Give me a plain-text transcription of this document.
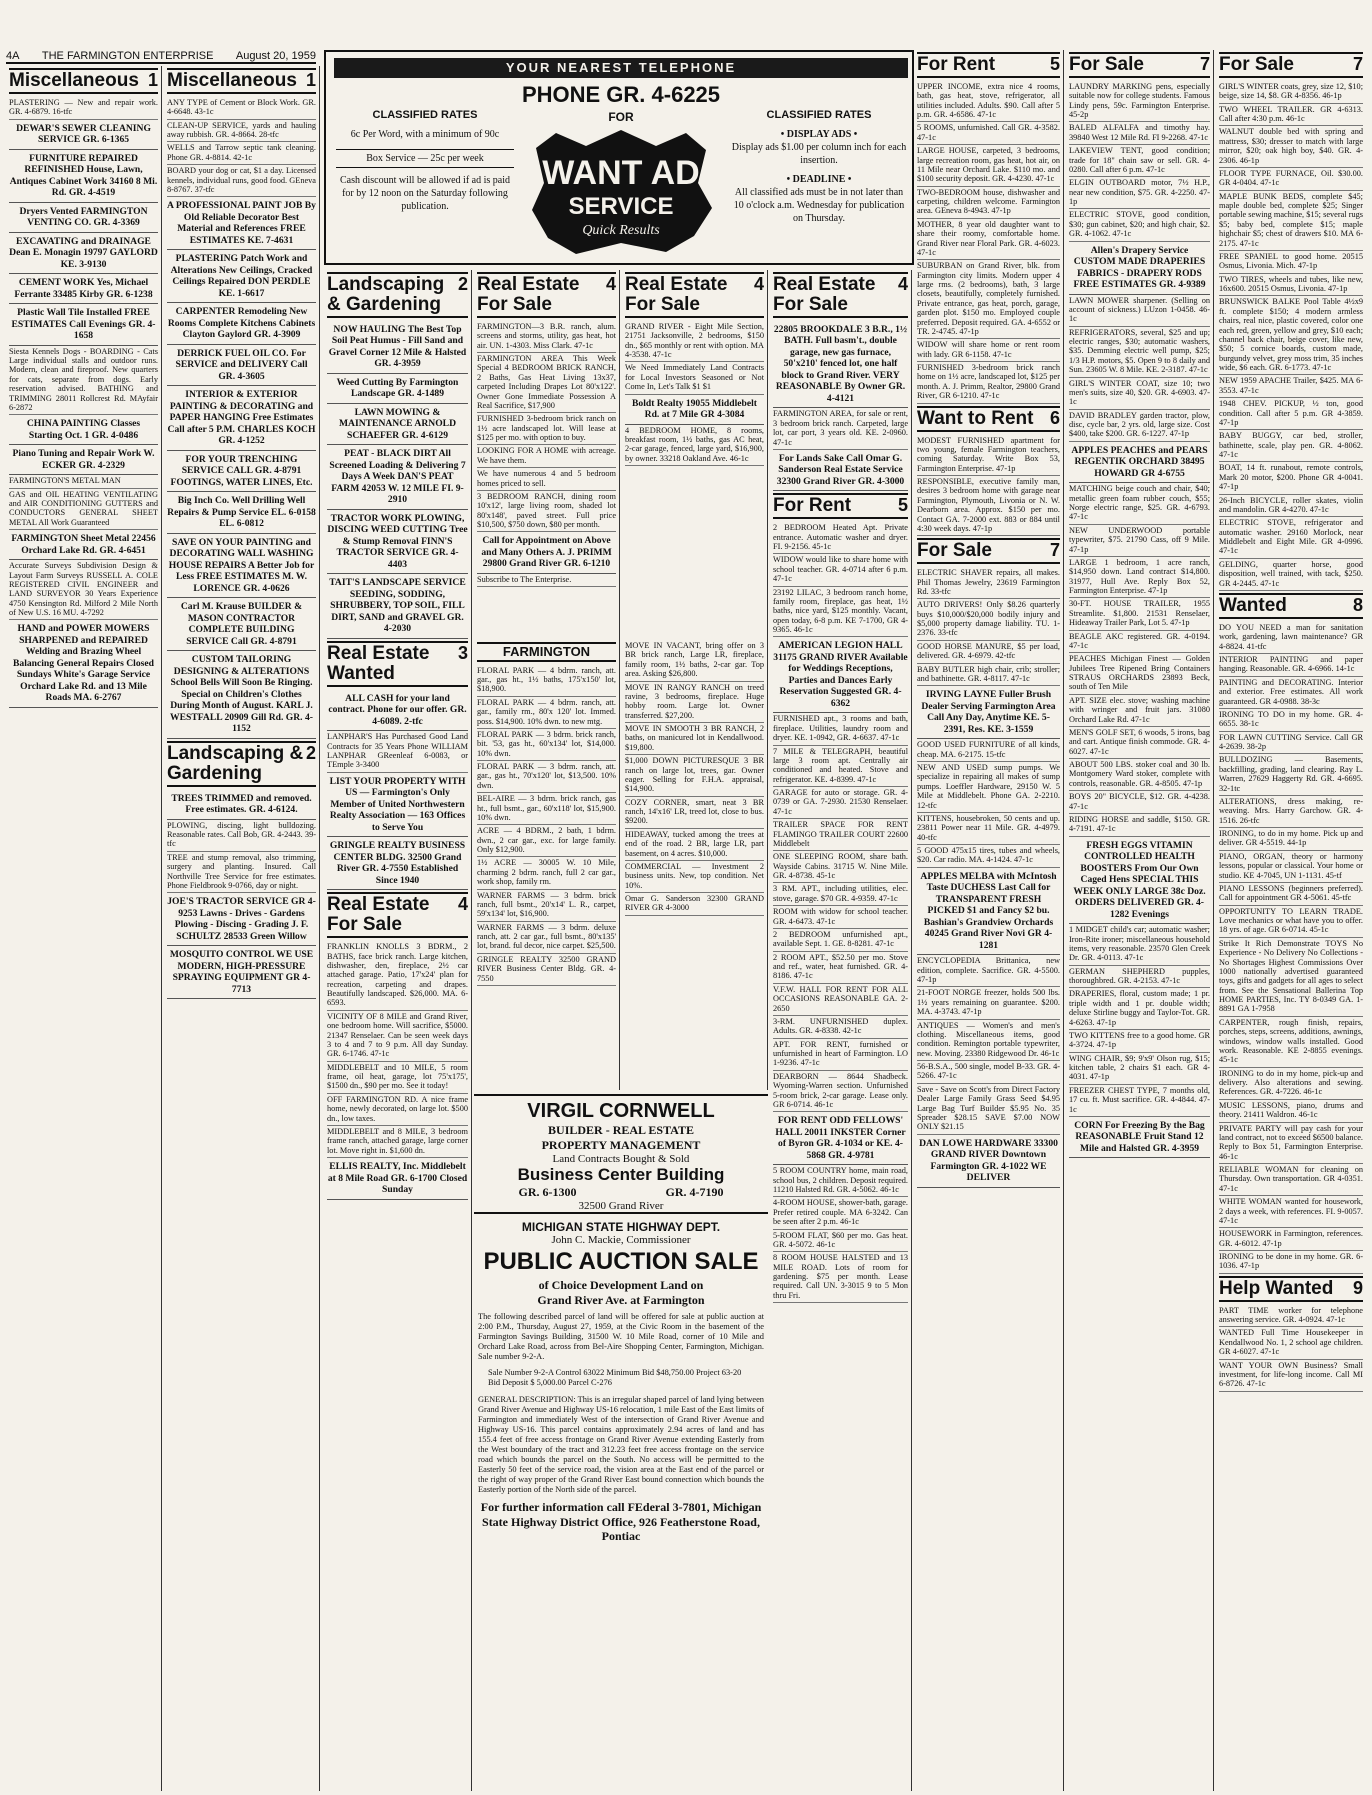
4A THE FARMINGTON ENTERPRISE August 20, 1959
Miscellaneous 1
PLASTERING — New and repair work. GR. 4-6879. 16-tfc
DEWAR'S SEWER CLEANING SERVICE GR. 6-1365
FURNITURE REPAIRED REFINISHED House, Lawn, Antiques Cabinet Work 34160 8 Mi. Rd. GR. 4-4519
Dryers Vented FARMINGTON VENTING CO. GR. 4-3369
EXCAVATING and DRAINAGE Dean E. Monagin 19797 GAYLORD KE. 3-9130
CEMENT WORK Yes, Michael Ferrante 33485 Kirby GR. 6-1238
Plastic Wall Tile Installed FREE ESTIMATES Call Evenings GR. 4-1658
Siesta Kennels Dogs - BOARDING - Cats Large individual stalls and outdoor runs. Modern, clean and fireproof. New quarters for cats, separate from dogs. Early reservation advised. BATHING and TRIMMING 28011 Rollcrest Rd. MAyfair 6-2872
CHINA PAINTING Classes Starting Oct. 1 GR. 4-0486
Piano Tuning and Repair Work W. ECKER GR. 4-2329
FARMINGTON'S METAL MAN
GAS and OIL HEATING VENTILATING and AIR CONDITIONING GUTTERS and CONDUCTORS GENERAL SHEET METAL All Work Guaranteed
FARMINGTON Sheet Metal 22456 Orchard Lake Rd. GR. 4-6451
Accurate Surveys Subdivision Design & Layout Farm Surveys RUSSELL A. COLE REGISTERED CIVIL ENGINEER and LAND SURVEYOR 30 Years Experience 4750 Kensington Rd. Milford 2 Mile North of New U.S. 16 MU. 4-7292
HAND and POWER MOWERS SHARPENED and REPAIRED Welding and Brazing Wheel Balancing General Repairs Closed Sundays White's Garage Service Orchard Lake Rd. and 13 Mile Roads MA. 6-2767
Miscellaneous 1
ANY TYPE of Cement or Block Work. GR. 4-6648. 43-1c
CLEAN-UP SERVICE, yards and hauling away rubbish. GR. 4-8664. 28-tfc
WELLS and Tarrow septic tank cleaning. Phone GR. 4-8814. 42-1c
BOARD your dog or cat, $1 a day. Licensed kennels, individual runs, good food. GEneva 8-8767. 37-tfc
A PROFESSIONAL PAINT JOB By Old Reliable Decorator Best Material and References FREE ESTIMATES KE. 7-4631
PLASTERING Patch Work and Alterations New Ceilings, Cracked Ceilings Repaired DON PERDLE KE. 1-6617
CARPENTER Remodeling New Rooms Complete Kitchens Cabinets Clayton Gaylord GR. 4-3909
DERRICK FUEL OIL CO. For SERVICE and DELIVERY Call GR. 4-3605
INTERIOR & EXTERIOR PAINTING & DECORATING and PAPER HANGING Free Estimates Call after 5 P.M. CHARLES KOCH GR. 4-1252
FOR YOUR TRENCHING SERVICE CALL GR. 4-8791 FOOTINGS, WATER LINES, Etc.
Big Inch Co. Well Drilling Well Repairs & Pump Service EL. 6-0158 EL. 6-0812
SAVE ON YOUR PAINTING and DECORATING WALL WASHING HOUSE REPAIRS A Better Job for Less FREE ESTIMATES M. W. LORENCE GR. 4-0626
Carl M. Krause BUILDER & MASON CONTRACTOR COMPLETE BUILDING SERVICE Call GR. 4-8791
CUSTOM TAILORING DESIGNING & ALTERATIONS School Bells Will Soon Be Ringing. Special on Children's Clothes During Month of August. KARL J. WESTFALL 20909 Gill Rd. GR. 4-1152
Landscaping & Gardening
2
TREES TRIMMED and removed. Free estimates. GR. 4-6124.
PLOWING, discing, light bulldozing. Reasonable rates. Call Bob, GR. 4-2443. 39-tfc
TREE and stump removal, also trimming, surgery and planting. Insured. Call Northville Tree Service for free estimates. Phone Fieldbrook 9-0766, day or night.
JOE'S TRACTOR SERVICE GR 4-9253 Lawns - Drives - Gardens Plowing - Discing - Grading J. F. SCHULTZ 28533 Green Willow
MOSQUITO CONTROL WE USE MODERN, HIGH-PRESSURE SPRAYING EQUIPMENT GR 4-7713
YOUR NEAREST TELEPHONE
PHONE GR. 4-6225
FOR
CLASSIFIED RATES
6c Per Word, with a minimum of 90c
Box Service — 25c per week
Cash discount will be allowed if ad is paid for by 12 noon on the Saturday following publication.
WANT AD
SERVICE
Quick Results
CLASSIFIED RATES
• DISPLAY ADS •
Display ads $1.00 per column inch for each insertion.
• DEADLINE •
All classified ads must be in not later than 10 o'clock a.m. Wednesday for publication on Thursday.
Landscaping & Gardening
2
NOW HAULING The Best Top Soil Peat Humus - Fill Sand and Gravel Corner 12 Mile & Halsted GR. 4-3959
Weed Cutting By Farmington Landscape GR. 4-1489
LAWN MOWING & MAINTENANCE ARNOLD SCHAEFER GR. 4-6129
PEAT - BLACK DIRT All Screened Loading & Delivering 7 Days A Week DAN'S PEAT FARM 42053 W. 12 MILE FI. 9-2910
TRACTOR WORK PLOWING, DISCING WEED CUTTING Tree & Stump Removal FINN'S TRACTOR SERVICE GR. 4-4403
TAIT'S LANDSCAPE SERVICE SEEDING, SODDING, SHRUBBERY, TOP SOIL, FILL DIRT, SAND and GRAVEL GR. 4-2030
Real Estate Wanted
3
ALL CASH for your land contract. Phone for our offer. GR. 4-6089. 2-tfc
LANPHAR'S Has Purchased Good Land Contracts for 35 Years Phone WILLIAM LANPHAR GReenleaf 6-0083, or TEmple 3-3400
LIST YOUR PROPERTY WITH US — Farmington's Only Member of United Northwestern Realty Association — 163 Offices to Serve You
GRINGLE REALTY BUSINESS CENTER BLDG. 32500 Grand River GR. 4-7550 Established Since 1940
Real Estate For Sale
4
FRANKLIN KNOLLS 3 BDRM., 2 BATHS, face brick ranch. Large kitchen, dishwasher, den, fireplace, 2½ car attached garage. Patio, 17'x24' plan for recreation, carpeting and drapes. Beautifully landscaped. $26,000. MA. 6-6593.
VICINITY OF 8 MILE and Grand River, one bedroom home. Will sacrifice, $5000. 21347 Renselaer. Can be seen week days 3 to 4 and 7 to 9 p.m. All day Sunday. GR. 6-1746. 47-1c
MIDDLEBELT and 10 MILE, 5 room frame, oil heat, garage, lot 75'x175', $1500 dn., $90 per mo. See it today!
OFF FARMINGTON RD. A nice frame home, newly decorated, on large lot. $500 dn., low taxes.
MIDDLEBELT and 8 MILE, 3 bedroom frame ranch, attached garage, large corner lot. Move right in. $1,600 dn.
ELLIS REALTY, Inc. Middlebelt at 8 Mile Road GR. 6-1700 Closed Sunday
Real Estate For Sale
4
FARMINGTON—3 B.R. ranch, alum. screens and storms, utility, gas heat, hot air. UN. 1-4303. Miss Clark. 47-1c
FARMINGTON AREA This Week Special 4 BEDROOM BRICK RANCH, 2 Baths, Gas Heat Living 13x37, carpeted Including Drapes Lot 80'x122'. Owner Gone Immediate Possession A Real Sacrifice, $17,900
FURNISHED 3-bedroom brick ranch on 1½ acre landscaped lot. Will lease at $125 per mo. with option to buy.
LOOKING FOR A HOME with acreage. We have them.
We have numerous 4 and 5 bedroom homes priced to sell.
3 BEDROOM RANCH, dining room 10'x12', large living room, shaded lot 80'x148', paved street. Full price $10,500, $750 down, $80 per month.
Call for Appointment on Above and Many Others A. J. PRIMM 29800 Grand River GR. 6-1210
Subscribe to The Enterprise.
Real Estate For Sale
4
GRAND RIVER - Eight Mile Section, 21751 Jacksonville, 2 bedrooms, $150 dn., $65 monthly or rent with option. MA 4-3538. 47-1c
We Need Immediately Land Contracts for Local Investors Seasoned or Not Come In, Let's Talk $1 $1
Boldt Realty 19055 Middlebelt Rd. at 7 Mile GR 4-3084
4 BEDROOM HOME, 8 rooms, breakfast room, 1½ baths, gas AC heat, 2-car garage, fenced, large yard, $16,900, by owner. 33218 Oakland Ave. 46-1c
FARMINGTON
FLORAL PARK — 4 bdrm. ranch, att. gar., gas ht., 1½ baths, 175'x150' lot, $18,900.
FLORAL PARK — 4 bdrm. ranch, att. gar., family rm., 80'x 120' lot. Immed. poss. $14,900. 10% dwn. to new mtg.
FLORAL PARK — 3 bdrm. brick ranch, bit. '53, gas ht., 60'x134' lot, $14,000. 10% dwn.
FLORAL PARK — 3 bdrm. ranch, att. gar., gas ht., 70'x120' lot, $13,500. 10% dwn.
BEL-AIRE — 3 bdrm. brick ranch, gas ht., full bsmt., gar., 60'x118' lot, $15,900. 10% dwn.
ACRE — 4 BDRM., 2 bath, 1 bdrm. dwn., 2 car gar., exc. for large family. Only $12,900.
1½ ACRE — 30005 W. 10 Mile, charming 2 bdrm. ranch, full 2 car gar., work shop, family rm.
WARNER FARMS — 3 bdrm. brick ranch, full bsmt., 20'x14' L. R., carpet, 59'x134' lot, $16,900.
WARNER FARMS — 3 bdrm. deluxe ranch, att. 2 car gar., full bsmt., 80'x135' lot, brand. ful decor, nice carpet. $25,500.
GRINGLE REALTY 32500 GRAND RIVER Business Center Bldg. GR. 4-7550
MOVE IN VACANT, bring offer on 3 BR brick ranch, Large LR, fireplace, family room, 1½ baths, 2-car gar. Top area. Asking $26,800.
MOVE IN RANGY RANCH on treed ravine, 3 bedrooms, fireplace. Huge hobby room. Large lot. Owner transferred. $27,200.
MOVE IN SMOOTH 3 BR RANCH, 2 baths, on manicured lot in Kendallwood. $19,800.
$1,000 DOWN PICTURESQUE 3 BR ranch on large lot, trees, gar. Owner eager. Selling for F.H.A. appraisal, $14,900.
COZY CORNER, smart, neat 3 BR ranch, 14'x16' LR, treed lot, close to bus. $9200.
HIDEAWAY, tucked among the trees at end of the road. 2 BR, large LR, part basement, on 4 acres. $10,000.
COMMERCIAL — Investment 2 business units. New, top condition. Net 10%.
Omar G. Sanderson 32300 GRAND RIVER GR 4-3000
VIRGIL CORNWELL
BUILDER - REAL ESTATE
PROPERTY MANAGEMENT
Land Contracts Bought & Sold
Business Center Building
GR. 6-1300	GR. 4-7190
32500 Grand River
MICHIGAN STATE HIGHWAY DEPT.
John C. Mackie, Commissioner
PUBLIC AUCTION SALE
of Choice Development Land on
Grand River Ave. at Farmington
The following described parcel of land will be offered for sale at public auction at 2:00 P.M., Thursday, August 27, 1959, at the Civic Room in the basement of the Farmington Savings Building, 31500 W. 10 Mile Road, corner of 10 Mile and Orchard Lake Road, across from Bel-Aire Shopping Center, Farmington, Michigan. Sale number 9-2-A.
Sale Number 9-2-A Control 63022 Minimum Bid $48,750.00 Project 63-20 Bid Deposit $ 5,000.00 Parcel C-276
GENERAL DESCRIPTION: This is an irregular shaped parcel of land lying between Grand River Avenue and Highway US-16 relocation, 1 mile East of the East limits of Farmington and immediately West of the intersection of Grand River Avenue and Highway US-16. This parcel contains approximately 2.94 acres of land and has 155.4 feet of free access frontage on Grand River Avenue extending Easterly from the West boundary of the tract and 312.23 feet free access frontage on the service road which bounds the parcel on the South. No access will be permitted to the Easterly 50 feet of the service road, the vision area at the East end of the parcel or the right of way proper of the Grand River East bound connection which bounds the Easterly portion of the North side of the parcel.
For further information call FEderal 3-7801, Michigan State Highway District Office, 926 Featherstone Road, Pontiac
Real Estate For Sale
4
22805 BROOKDALE 3 B.R., 1½ BATH. Full basm't., double garage, new gas furnace, 50'x210' fenced lot, one half block to Grand River. VERY REASONABLE By Owner GR. 4-4121
FARMINGTON AREA, for sale or rent, 3 bedroom brick ranch. Carpeted, large lot, car port, 3 years old. KE. 2-0960. 47-1c
For Lands Sake Call Omar G. Sanderson Real Estate Service 32300 Grand River GR. 4-3000
For Rent	5
2 BEDROOM Heated Apt. Private entrance. Automatic washer and dryer. FI. 9-2156. 45-1c
WIDOW would like to share home with school teacher. GR. 4-0714 after 6 p.m. 47-1c
23192 LILAC, 3 bedroom ranch home, family room, fireplace, gas heat, 1½ baths, nice yard, $125 monthly. Vacant, open today, 6-8 p.m. KE 7-1700, GR 4-9365. 46-1c
AMERICAN LEGION HALL 31175 GRAND RIVER Available for Weddings Receptions, Parties and Dances Early Reservation Suggested GR. 4-6362
FURNISHED apt., 3 rooms and bath, fireplace. Utilities, laundry room and dryer. KE. 1-0942, GR. 4-6637. 47-1c
7 MILE & TELEGRAPH, beautiful large 3 room apt. Centrally air conditioned and heated. Stove and refrigerator. KE. 4-8399. 47-1c
GARAGE for auto or storage. GR. 4-0739 or GA. 7-2930. 21530 Renselaer. 47-1c
TRAILER SPACE FOR RENT FLAMINGO TRAILER COURT 22600 Middlebelt
ONE SLEEPING ROOM, share bath. Wayside Cabins. 31715 W. Nine Mile. GR. 4-8738. 45-1c
3 RM. APT., including utilities, elec. stove, garage. $70 GR. 4-9359. 47-1c
ROOM with widow for school teacher. GR. 4-6473. 47-1c
2 BEDROOM unfurnished apt., available Sept. 1. GE. 8-8281. 47-1c
2 ROOM APT., $52.50 per mo. Stove and ref., water, heat furnished. GR. 4-8186. 47-1c
V.F.W. HALL FOR RENT FOR ALL OCCASIONS REASONABLE GA. 2-2650
3-RM. UNFURNISHED duplex. Adults. GR. 4-8338. 42-1c
APT. FOR RENT, furnished or unfurnished in heart of Farmington. LO 1-9236. 47-1c
DEARBORN — 8644 Shadbeck. Wyoming-Warren section. Unfurnished 5-room brick, 2-car garage. Lease only. GR 6-0714. 46-1c
FOR RENT ODD FELLOWS' HALL 20011 INKSTER Corner of Byron GR. 4-1034 or KE. 4-5868 GR. 4-9781
5 ROOM COUNTRY home, main road, school bus, 2 children. Deposit required. 11210 Halsted Rd. GR. 4-5062. 46-1c
4-ROOM HOUSE, shower-bath, garage. Prefer retired couple. MA 6-3242. Can be seen after 2 p.m. 46-1c
5-ROOM FLAT, $60 per mo. Gas heat. GR. 4-5072. 46-1c
8 ROOM HOUSE HALSTED and 13 MILE ROAD. Lots of room for gardening. $75 per month. Lease required. Call UN. 3-3015 9 to 5 Mon thru Fri.
For Rent	5
UPPER INCOME, extra nice 4 rooms, bath, gas heat, stove, refrigerator, all utilities included. Adults. $90. Call after 5 p.m. GR. 4-6586. 47-1c
5 ROOMS, unfurnished. Call GR. 4-3582. 47-1c
LARGE HOUSE, carpeted, 3 bedrooms, large recreation room, gas heat, hot air, on 11 Mile near Orchard Lake. $110 mo. and $100 security deposit. GR. 4-4230. 47-1c
TWO-BEDROOM house, dishwasher and carpeting, children welcome. Farmington area. GEneva 8-4943. 47-1p
MOTHER, 8 year old daughter want to share their roomy, comfortable home. Grand River near Floral Park. GR. 4-6023. 47-1c
SUBURBAN on Grand River, blk. from Farmington city limits. Modern upper 4 large rms. (2 bedrooms), bath, 3 large closets, beautifully, completely furnished. Private entrance, gas heat, porch, garage, garden plot. $150 mo. Employed couple preferred. Deposit required. GA. 4-6552 or TR. 2-4745. 47-1p
WIDOW will share home or rent room with lady. GR 6-1158. 47-1c
FURNISHED 3-bedroom brick ranch home on 1½ acre, landscaped lot, $125 per month. A. J. Primm, Realtor, 29800 Grand River, GR 6-1210. 47-1c
Want to Rent 6
MODEST FURNISHED apartment for two young, female Farmington teachers, coming Saturday. Write Box 53, Farmington Enterprise. 47-1p
RESPONSIBLE, executive family man, desires 3 bedroom home with garage near Farmington, Plymouth, Livonia or N. W. Dearborn area. Approx. $150 per mo. Contact GA. 7-2000 ext. 883 or 884 until 4:30 week days. 47-1p
For Sale	7
ELECTRIC SHAVER repairs, all makes. Phil Thomas Jewelry, 23619 Farmington Rd. 33-tfc
AUTO DRIVERS! Only $8.26 quarterly buys $10,000/$20,000 bodily injury and $5,000 property damage liability. TU. 1-2376. 33-tfc
GOOD HORSE MANURE, $5 per load, delivered. GR. 4-6979. 42-tfc
BABY BUTLER high chair, crib; stroller; and bathinette. GR. 4-8117. 47-1c
IRVING LAYNE Fuller Brush Dealer Serving Farmington Area Call Any Day, Anytime KE. 5-2391, Res. KE. 3-1559
GOOD USED FURNITURE of all kinds, cheap. MA. 6-2175. 15-tfc
NEW AND USED sump pumps. We specialize in repairing all makes of sump pumps. Loeffler Hardware, 29150 W. 5 Mile at Middlebelt. Phone GA. 2-2210. 12-tfc
KITTENS, housebroken, 50 cents and up. 23811 Power near 11 Mile. GR. 4-4979. 40-tfc
5 GOOD 475x15 tires, tubes and wheels, $20. Car radio. MA. 4-1424. 47-1c
APPLES MELBA with McIntosh Taste DUCHESS Last Call for TRANSPARENT FRESH PICKED $1 and Fancy $2 bu. Bashian's Grandview Orchards 40245 Grand River Novi GR 4-1281
ENCYCLOPEDIA Brittanica, new edition, complete. Sacrifice. GR. 4-5500. 47-1p
21-FOOT NORGE freezer, holds 500 lbs. 1½ years remaining on guarantee. $200. MA. 4-3743. 47-1p
ANTIQUES — Women's and men's clothing. Miscellaneous items, good condition. Remington portable typewriter, new. Moving. 23380 Ridgewood Dr. 46-1c
56-B.S.A., 500 single, model B-33. GR. 4-5266. 47-1c
Save - Save on Scott's from Direct Factory Dealer Large Family Grass Seed $4.95 Large Bag Turf Builder $5.95 No. 35 Spreader $28.15 SAVE $7.00 NOW ONLY $21.15
DAN LOWE HARDWARE 33300 GRAND RIVER Downtown Farmington GR. 4-1022 WE DELIVER
For Sale	7
LAUNDRY MARKING pens, especially suitable now for college students. Famous Lindy pens, 59c. Farmington Enterprise. 45-2p
BALED ALFALFA and timothy hay. 39840 West 12 Mile Rd. FI 9-2268. 47-1c
LAKEVIEW TENT, good condition; trade for 18" chain saw or sell. GR. 4-0280. Call after 6 p.m. 47-1c
ELGIN OUTBOARD motor, 7½ H.P., near new condition, $75. GR. 4-2250. 47-1p
ELECTRIC STOVE, good condition, $30; gun cabinet, $20; and high chair, $2. GR. 4-1062. 47-1c
Allen's Drapery Service CUSTOM MADE DRAPERIES FABRICS - DRAPERY RODS FREE ESTIMATES GR. 4-9389
LAWN MOWER sharpener. (Selling on account of sickness.) LUzon 1-0458. 46-1c
REFRIGERATORS, several, $25 and up; electric ranges, $30; automatic washers, $35. Demming electric well pump, $25; 1/3 H.P. motors, $5. Open 9 to 8 daily and Sun. 23605 W. 8 Mile. KE. 2-3187. 47-1c
GIRL'S WINTER COAT, size 10; two men's suits, size 40, $20. GR. 4-6903. 47-1c
DAVID BRADLEY garden tractor, plow, disc, cycle bar, 2 yrs. old, large size. Cost $400, take $200. GR. 6-1227. 47-1p
APPLES PEACHES and PEARS REGENTIK ORCHARD 38495 HOWARD GR 4-6755
MATCHING beige couch and chair, $40; metallic green foam rubber couch, $55; Norge electric range, $25. GR. 4-6793. 47-1c
NEW UNDERWOOD portable typewriter, $75. 21790 Cass, off 9 Mile. 47-1p
LARGE 1 bedroom, 1 acre ranch, $14,950 down. Land contract $14,800. 31977, Hull Ave. Reply Box 52, Farmington Enterprise. 47-1p
30-FT. HOUSE TRAILER, 1955 Streamlite. $1,800. 21531 Renselaer, Hideaway Trailer Park, Lot 5. 47-1p
BEAGLE AKC registered. GR. 4-0194. 47-1c
PEACHES Michigan Finest — Golden Jubilees Tree Ripened Bring Containers STRAUS ORCHARDS 23893 Beck, south of Ten Mile
APT. SIZE elec. stove; washing machine with wringer and fruit jars. 31080 Orchard Lake Rd. 47-1c
MEN'S GOLF SET, 6 woods, 5 irons, bag and cart. Antique finish commode. GR. 4-6027. 47-1c
ABOUT 500 LBS. stoker coal and 30 lb. Montgomery Ward stoker, complete with controls, reasonable. GR. 4-8505. 47-1p
BOYS 20" BICYCLE, $12. GR. 4-4238. 47-1c
RIDING HORSE and saddle, $150. GR. 4-7191. 47-1c
FRESH EGGS VITAMIN CONTROLLED HEALTH BOOSTERS From Our Own Caged Hens SPECIAL THIS WEEK ONLY LARGE 38c Doz. ORDERS DELIVERED GR. 4-1282 Evenings
1 MIDGET child's car; automatic washer; Iron-Rite ironer; miscellaneous household items, very reasonable. 23570 Glen Creek Dr. GR. 4-0113. 47-1c
GERMAN SHEPHERD pupples, thoroughbred. GR. 4-2153. 47-1c
DRAPERIES, floral, custom made; 1 pr. triple width and 1 pr. double width; deluxe Stirline buggy and Taylor-Tot. GR. 4-6263. 47-1p
TWO KITTENS free to a good home. GR 4-3724. 47-1p
WING CHAIR, $9; 9'x9' Olson rug, $15; kitchen table, 2 chairs $1 each. GR 4-4031. 47-1p
FREEZER CHEST TYPE, 7 months old, 17 cu. ft. Must sacrifice. GR. 4-4844. 47-1c
CORN For Freezing By the Bag REASONABLE Fruit Stand 12 Mile and Halsted GR. 4-3959
For Sale	7
GIRL'S WINTER coats, grey, size 12, $10; beige, size 14, $8. GR 4-8356. 46-1p
TWO WHEEL TRAILER. GR 4-6313. Call after 4:30 p.m. 46-1c
WALNUT double bed with spring and mattress, $30; dresser to match with large mirror, $20; oak high boy, $40. GR. 4-2306. 46-1p
FLOOR TYPE FURNACE, Oil. $30.00. GR 4-0404. 47-1c
MAPLE BUNK BEDS, complete $45; maple double bed, complete $25; Singer portable sewing machine, $15; several rugs $5; baby bed, complete $15; maple highchair $5; chest of drawers $10. MA 6-2175. 47-1c
FREE SPANIEL to good home. 20515 Osmus, Livonia. Mich. 47-1p
TWO TIRES, wheels and tubes, like new, 16x600. 20515 Osmus, Livonia. 47-1p
BRUNSWICK BALKE Pool Table 4½x9 ft. complete $150; 4 modern armless chairs, real nice, plastic covered, color one each red, green, yellow and grey, $10 each; channel back chair, beige cover, like new, $50; 5 cornice boards, custom made, burgundy velvet, grey moss trim, 35 inches wide, $6 each. GR. 6-1773. 47-1c
NEW 1959 APACHE Trailer, $425. MA 6-3553. 47-1c
1948 CHEV. PICKUP, ½ ton, good condition. Call after 5 p.m. GR 4-3859. 47-1p
BABY BUGGY, car bed, stroller, bathinette, scale, play pen. GR. 4-8062. 47-1c
BOAT, 14 ft. runabout, remote controls, Mark 20 motor, $200. Phone GR 4-0041. 47-1p
26-Inch BICYCLE, roller skates, violin and mandolin. GR 4-4270. 47-1c
ELECTRIC STOVE, refrigerator and automatic washer. 29160 Morlock, near Middlebelt and Eight Mile. GR 4-0996. 47-1c
GELDING, quarter horse, good disposition, well trained, with tack, $250. GR 4-2445. 47-1c
Wanted	8
DO YOU NEED a man for sanitation work, gardening, lawn maintenance? GR 4-8824. 41-tfc
INTERIOR PAINTING and paper hanging. Reasonable. GR. 4-6966. 14-1c
PAINTING and DECORATING. Interior and exterior. Free estimates. All work guaranteed. GR 4-0988. 38-3c
IRONING TO DO in my home. GR. 4-6655. 38-1c
FOR LAWN CUTTING Service. Call GR 4-2639. 38-2p
BULLDOZING — Basements, backfilling, grading, land clearing. Ray L. Warren, 27629 Haggerty Rd. GR. 4-6695. 32-1tc
ALTERATIONS, dress making, re-weaving. Mrs. Harry Garchow. GR. 4-1516. 26-tfc
IRONING, to do in my home. Pick up and deliver. GR 4-5519. 44-1p
PIANO, ORGAN, theory or harmony lessons, popular or classical. Your home or studio. KE 4-7045, UN 1-1131. 45-tf
PIANO LESSONS (beginners preferred). Call for appointment GR 4-5061. 45-tfc
OPPORTUNITY TO LEARN TRADE. Love mechanics or what have you to offer. 18 yrs. of age. GR 6-0714. 45-1c
Strike It Rich Demonstrate TOYS No Experience - No Delivery No Collections - No Shortages Highest Commissions Over 1000 nationally advertised guaranteed toys, gifts and gadgets for all ages to select from. See the Sensational Ballerina Top HOME PARTIES, Inc. TY 8-0349 GA. 1-8891 GA 1-7958
CARPENTER, rough finish, repairs, porches, steps, screens, additions, awnings, windows, window walls installed. Good work. Reasonable. KE 2-8855 evenings. 45-1c
IRONING to do in my home, pick-up and delivery. Also alterations and sewing. References. GR. 4-7226. 46-1c
MUSIC LESSONS, piano, drums and theory. 21411 Waldron. 46-1c
PRIVATE PARTY will pay cash for your land contract, not to exceed $6500 balance. Reply to Box 51, Farmington Enterprise. 46-1c
RELIABLE WOMAN for cleaning on Thursday. Own transportation. GR 4-0351. 47-1c
WHITE WOMAN wanted for housework, 2 days a week, with references. FI. 9-0057. 47-1c
HOUSEWORK in Farmington, references. GR. 4-6012. 47-1p
IRONING to be done in my home. GR. 6-1036. 47-1p
Help Wanted 9
PART TIME worker for telephone answering service. GR. 4-0924. 47-1c
WANTED Full Time Housekeeper in Kendallwood No. 1, 2 school age children. GR 4-6027. 47-1c
WANT YOUR OWN Business? Small investment, for life-long income. Call MI 6-8726. 47-1c
